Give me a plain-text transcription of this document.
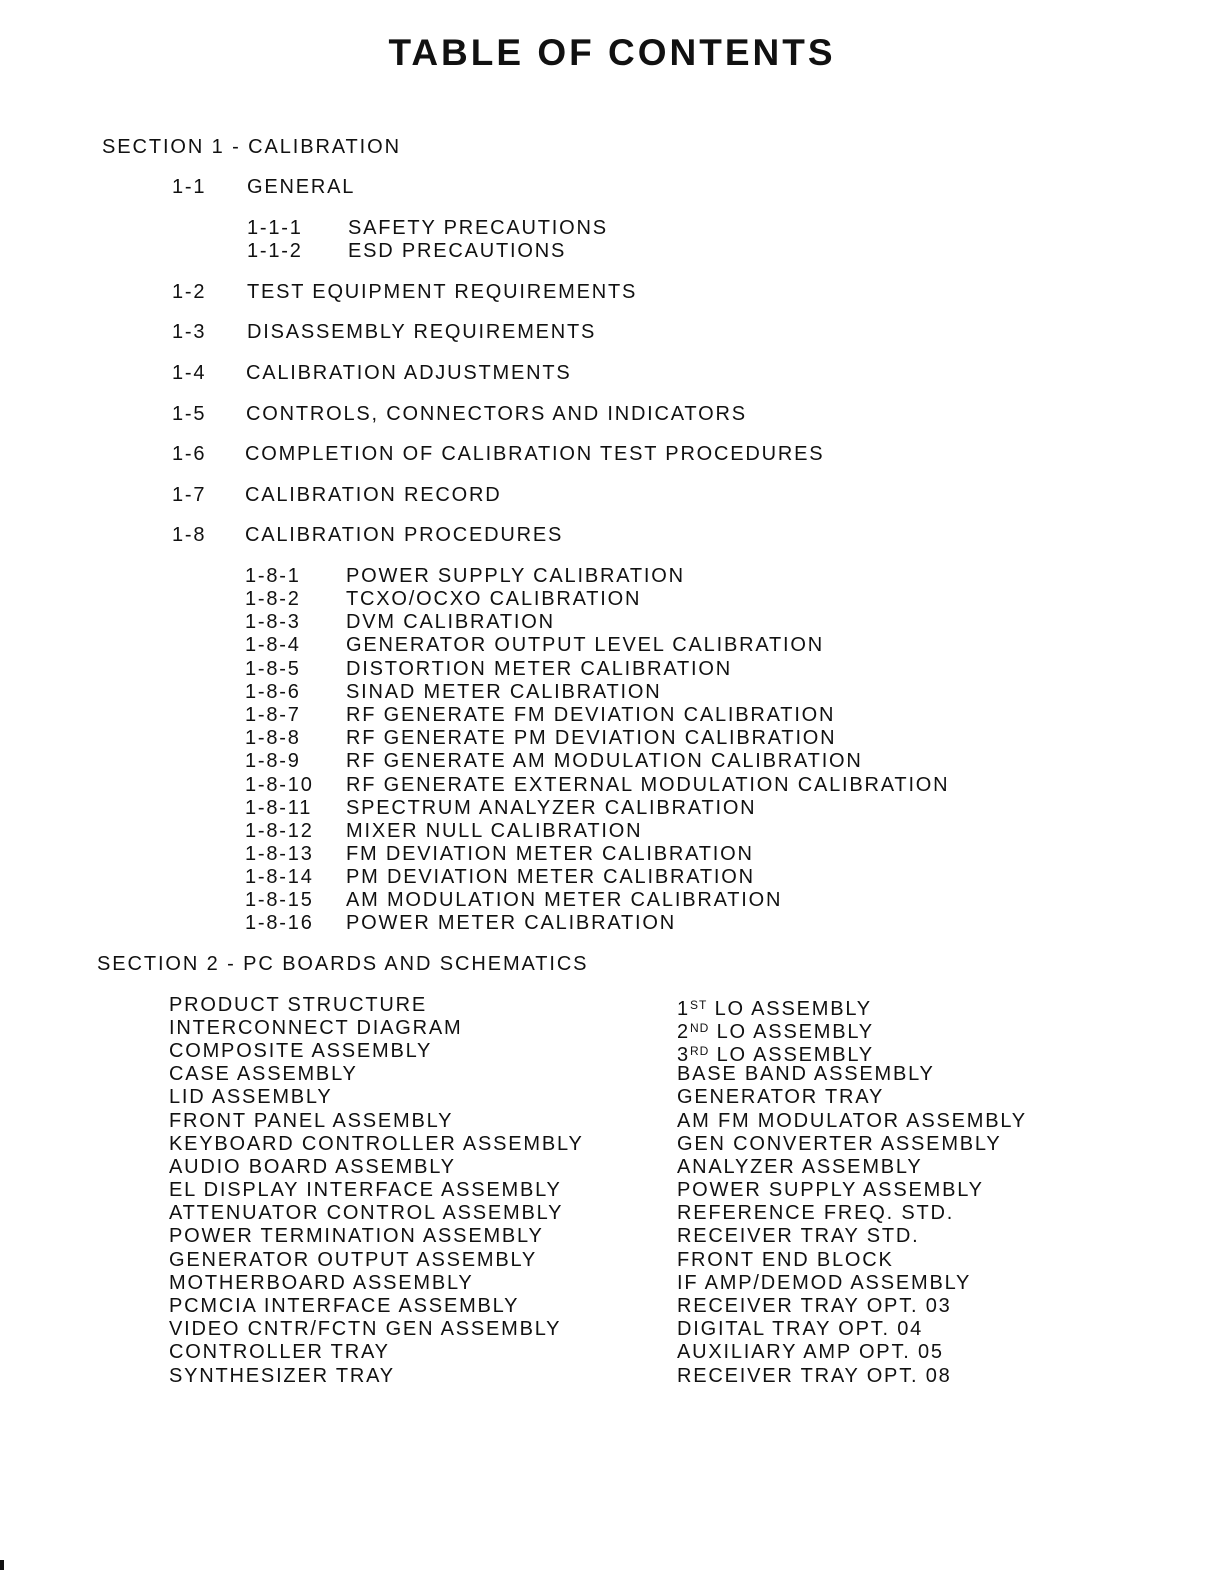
TABLE OF CONTENTS
SECTION 1 - CALIBRATION
1-1 GENERAL
1-1-1 SAFETY PRECAUTIONS
1-1-2 ESD PRECAUTIONS
1-2 TEST EQUIPMENT REQUIREMENTS
1-3 DISASSEMBLY REQUIREMENTS
1-4 CALIBRATION ADJUSTMENTS
1-5 CONTROLS, CONNECTORS AND INDICATORS
1-6 COMPLETION OF CALIBRATION TEST PROCEDURES
1-7 CALIBRATION RECORD
1-8 CALIBRATION PROCEDURES
1-8-1 POWER SUPPLY CALIBRATION
1-8-2 TCXO/OCXO CALIBRATION
1-8-3 DVM CALIBRATION
1-8-4 GENERATOR OUTPUT LEVEL CALIBRATION
1-8-5 DISTORTION METER CALIBRATION
1-8-6 SINAD METER CALIBRATION
1-8-7 RF GENERATE FM DEVIATION CALIBRATION
1-8-8 RF GENERATE PM DEVIATION CALIBRATION
1-8-9 RF GENERATE AM MODULATION CALIBRATION
1-8-10 RF GENERATE EXTERNAL MODULATION CALIBRATION
1-8-11 SPECTRUM ANALYZER CALIBRATION
1-8-12 MIXER NULL CALIBRATION
1-8-13 FM DEVIATION METER CALIBRATION
1-8-14 PM DEVIATION METER CALIBRATION
1-8-15 AM MODULATION METER CALIBRATION
1-8-16 POWER METER CALIBRATION
SECTION 2 - PC BOARDS AND SCHEMATICS
PRODUCT STRUCTURE
INTERCONNECT DIAGRAM
COMPOSITE ASSEMBLY
CASE ASSEMBLY
LID ASSEMBLY
FRONT PANEL ASSEMBLY
KEYBOARD CONTROLLER ASSEMBLY
AUDIO BOARD ASSEMBLY
EL DISPLAY INTERFACE ASSEMBLY
ATTENUATOR CONTROL ASSEMBLY
POWER TERMINATION ASSEMBLY
GENERATOR OUTPUT ASSEMBLY
MOTHERBOARD ASSEMBLY
PCMCIA INTERFACE ASSEMBLY
VIDEO CNTR/FCTN GEN ASSEMBLY
CONTROLLER TRAY
SYNTHESIZER TRAY
1ST LO ASSEMBLY
2ND LO ASSEMBLY
3RD LO ASSEMBLY
BASE BAND ASSEMBLY
GENERATOR TRAY
AM FM MODULATOR ASSEMBLY
GEN CONVERTER ASSEMBLY
ANALYZER ASSEMBLY
POWER SUPPLY ASSEMBLY
REFERENCE FREQ. STD.
RECEIVER TRAY STD.
FRONT END BLOCK
IF AMP/DEMOD ASSEMBLY
RECEIVER TRAY OPT. 03
DIGITAL TRAY OPT. 04
AUXILIARY AMP OPT. 05
RECEIVER TRAY OPT. 08
